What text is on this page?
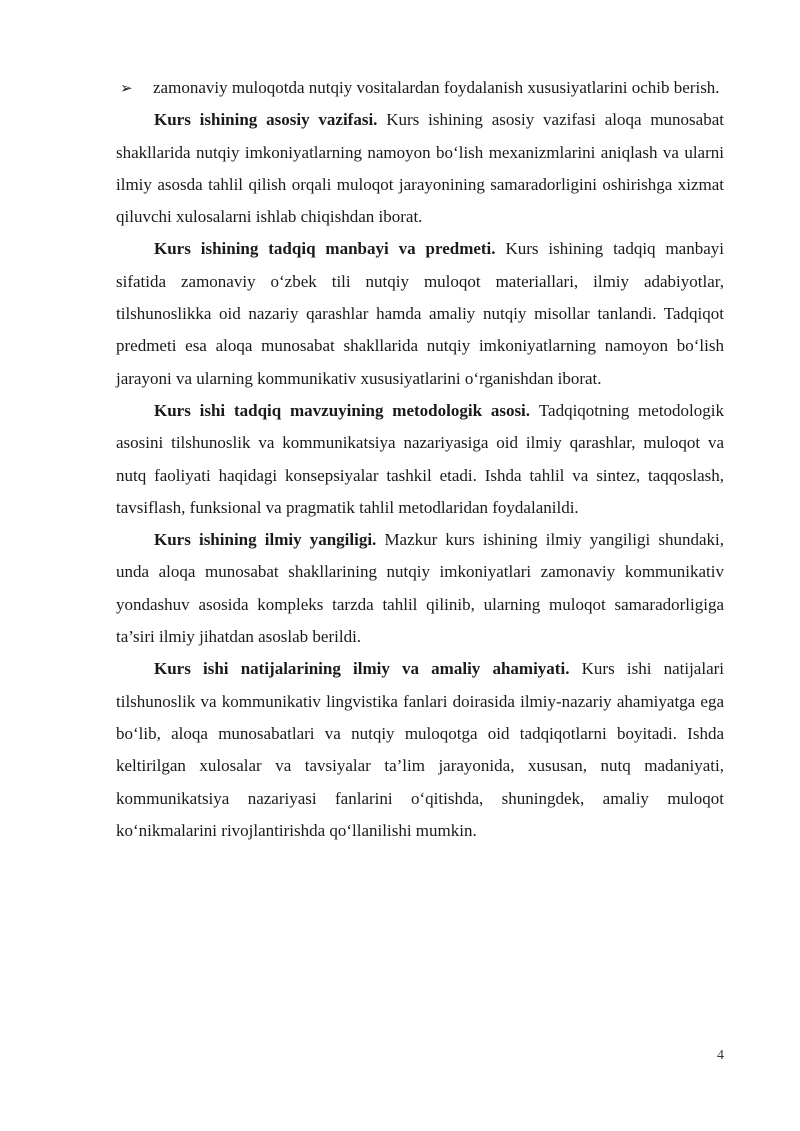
➢ zamonaviy muloqotda nutqiy vositalardan foydalanish xususiyatlarini ochib berish.

Kurs ishining asosiy vazifasi. Kurs ishining asosiy vazifasi aloqa munosabat shakllarida nutqiy imkoniyatlarning namoyon bo‘lish mexanizmlarini aniqlash va ularni ilmiy asosda tahlil qilish orqali muloqot jarayonining samaradorligini oshirishga xizmat qiluvchi xulosalarni ishlab chiqishdan iborat.

Kurs ishining tadqiq manbayi va predmeti. Kurs ishining tadqiq manbayi sifatida zamonaviy o‘zbek tili nutqiy muloqot materiallari, ilmiy adabiyotlar, tilshunoslikka oid nazariy qarashlar hamda amaliy nutqiy misollar tanlandi. Tadqiqot predmeti esa aloqa munosabat shakllarida nutqiy imkoniyatlarning namoyon bo‘lish jarayoni va ularning kommunikativ xususiyatlarini o‘rganishdan iborat.

Kurs ishi tadqiq mavzuyining metodologik asosi. Tadqiqotning metodologik asosini tilshunoslik va kommunikatsiya nazariyasiga oid ilmiy qarashlar, muloqot va nutq faoliyati haqidagi konsepsiyalar tashkil etadi. Ishda tahlil va sintez, taqqoslash, tavsiflash, funksional va pragmatik tahlil metodlaridan foydalanildi.

Kurs ishining ilmiy yangiligi. Mazkur kurs ishining ilmiy yangiligi shundaki, unda aloqa munosabat shakllarining nutqiy imkoniyatlari zamonaviy kommunikativ yondashuv asosida kompleks tarzda tahlil qilinib, ularning muloqot samaradorligiga ta’siri ilmiy jihatdan asoslab berildi.

Kurs ishi natijalarining ilmiy va amaliy ahamiyati. Kurs ishi natijalari tilshunoslik va kommunikativ lingvistika fanlari doirasida ilmiy-nazariy ahamiyatga ega bo‘lib, aloqa munosabatlari va nutqiy muloqotga oid tadqiqotlarni boyitadi. Ishda keltirilgan xulosalar va tavsiyalar ta’lim jarayonida, xususan, nutq madaniyati, kommunikatsiya nazariyasi fanlarini o‘qitishda, shuningdek, amaliy muloqot ko‘nikmalarini rivojlantirishda qo‘llanilishi mumkin.

4
